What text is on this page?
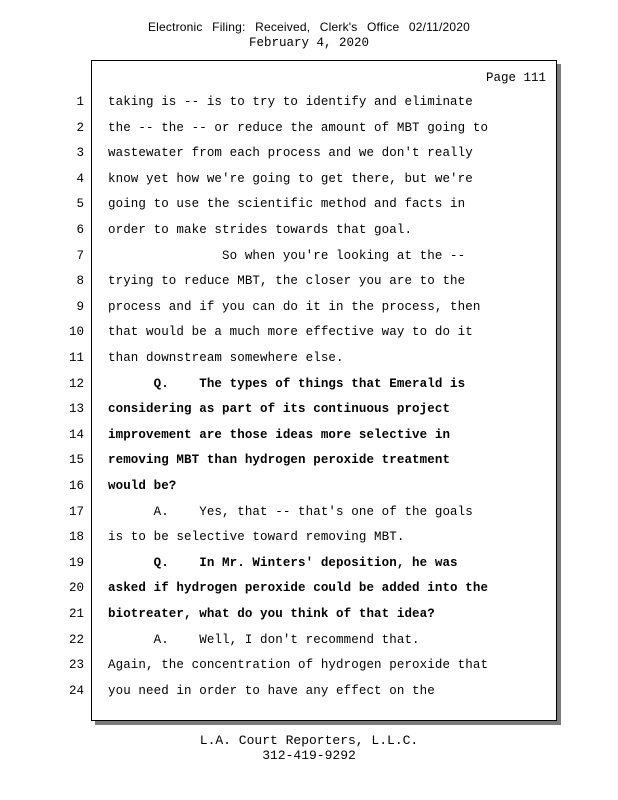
Electronic Filing: Received, Clerk's Office 02/11/2020
February 4, 2020
Page 111
1 taking is -- is to try to identify and eliminate
2 the -- the -- or reduce the amount of MBT going to
3 wastewater from each process and we don't really
4 know yet how we're going to get there, but we're
5 going to use the scientific method and facts in
6 order to make strides towards that goal.
7 So when you're looking at the --
8 trying to reduce MBT, the closer you are to the
9 process and if you can do it in the process, then
10 that would be a much more effective way to do it
11 than downstream somewhere else.
12 Q.    The types of things that Emerald is
13 considering as part of its continuous project
14 improvement are those ideas more selective in
15 removing MBT than hydrogen peroxide treatment
16 would be?
17 A.    Yes, that -- that's one of the goals
18 is to be selective toward removing MBT.
19 Q.    In Mr. Winters' deposition, he was
20 asked if hydrogen peroxide could be added into the
21 biotreater, what do you think of that idea?
22 A.    Well, I don't recommend that.
23 Again, the concentration of hydrogen peroxide that
24 you need in order to have any effect on the
L.A. Court Reporters, L.L.C.
312-419-9292
